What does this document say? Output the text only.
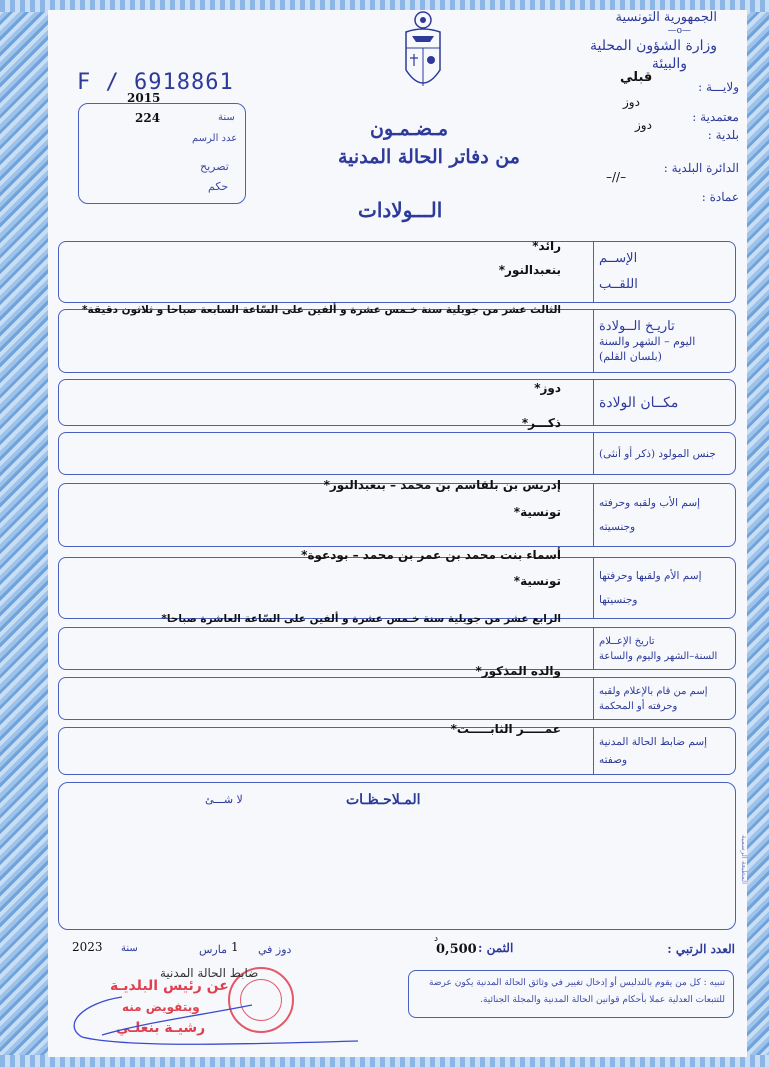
الجمهورية التونسية
—o—
وزارة الشؤون المحلية
والبيئة
قبلي
ولايـــة :
دوز
معتمدية :
دوز
بلدية :
الدائرة البلدية :
–//–
عمادة :
F / 6918861
2015
سنة
224
عدد الرسم
تصريح
حكم
مـضـمـون
من دفاتر الحالة المدنية
الـــولادات
الإســم
اللقــب
رائد*
بنعبدالنور*
تاريـخ الــولادة
اليوم – الشهر والسنة
(بلسان القلم)
الثالث عشر من جويلية سنة خـمس عشرة و ألفين على السّاعة السابعة صباحا و ثلاثون دقيقة*
مكــان الولادة
دوز*
جنس المولود (ذكر أو أنثى)
ذكـــر*
إسم الأب ولقبه وحرفته
وجنسيته
إدريس بن بلقاسم بن محمد – بنعبدالنور*
تونسية*
إسم الأم ولقبها وحرفتها
وجنسيتها
أسماء بنت محمد بن عمر بن محمد – بودعوة*
تونسية*
تاريخ الإعــلام
السنة–الشهر واليوم والساعة
الرابع عشر من جويلية سنة خـمس عشرة و ألفين على السّاعة العاشرة صباحا*
إسم من قام بالإعلام ولقبه
وحرفته أو المحكمة
والده المذكور*
إسم ضابط الحالة المدنية
وصفته
عمـــــر الثابـــــت*
المـلاحـظـات
لا شـــئ
المطبعة الرسمية
العدد الرتبي :
الثمن :
0,500
د
دوز في
1
مارس
سنة
2023
ضابط الحالة المدنية
عن رئيس البلديـة
وبتفويض منه
رشيـة بنعلـي
تنبيه : كل من يقوم بالتدليس أو إدخال تغيير في وثائق الحالة المدنية يكون عرضة
للتتبعات العدلية عملا بأحكام قوانين الحالة المدنية والمجلة الجنائية.
